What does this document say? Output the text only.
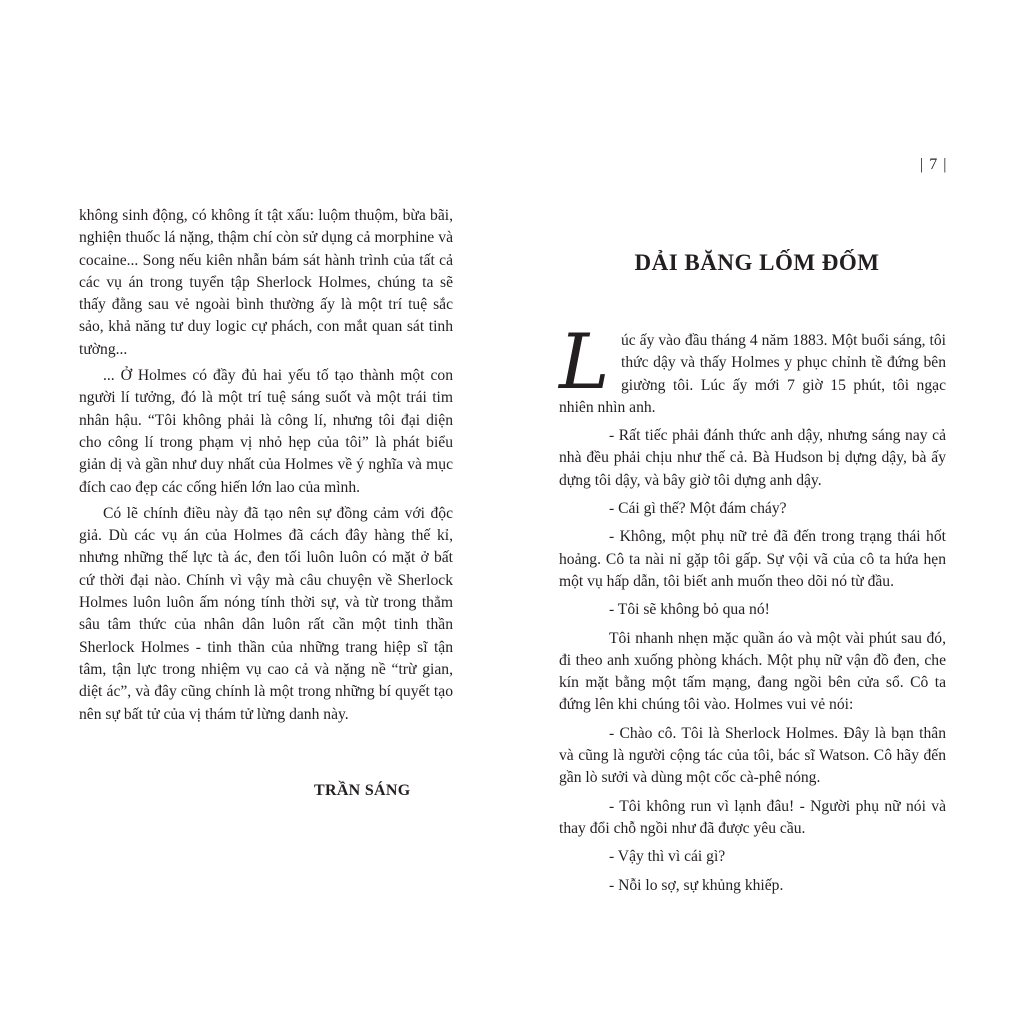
không sinh động, có không ít tật xấu: luộm thuộm, bừa bãi, nghiện thuốc lá nặng, thậm chí còn sử dụng cả morphine và cocaine... Song nếu kiên nhẫn bám sát hành trình của tất cả các vụ án trong tuyển tập Sherlock Holmes, chúng ta sẽ thấy đằng sau vẻ ngoài bình thường ấy là một trí tuệ sắc sảo, khả năng tư duy logic cự phách, con mắt quan sát tinh tường...

... Ở Holmes có đầy đủ hai yếu tố tạo thành một con người lí tưởng, đó là một trí tuệ sáng suốt và một trái tim nhân hậu. “Tôi không phải là công lí, nhưng tôi đại diện cho công lí trong phạm vị nhỏ hẹp của tôi” là phát biểu giản dị và gần như duy nhất của Holmes về ý nghĩa và mục đích cao đẹp các cống hiến lớn lao của mình.

Có lẽ chính điều này đã tạo nên sự đồng cảm với độc giả. Dù các vụ án của Holmes đã cách đây hàng thế kỉ, nhưng những thế lực tà ác, đen tối luôn luôn có mặt ở bất cứ thời đại nào. Chính vì vậy mà câu chuyện về Sherlock Holmes luôn luôn ấm nóng tính thời sự, và từ trong thẳm sâu tâm thức của nhân dân luôn rất cần một tinh thần Sherlock Holmes - tinh thần của những trang hiệp sĩ tận tâm, tận lực trong nhiệm vụ cao cả và nặng nề “trừ gian, diệt ác”, và đây cũng chính là một trong những bí quyết tạo nên sự bất tử của vị thám tử lừng danh này.

TRẦN SÁNG
| 7 |
DẢI BĂNG LỐM ĐỐM

Lúc ấy vào đầu tháng 4 năm 1883. Một buổi sáng, tôi thức dậy và thấy Holmes y phục chỉnh tề đứng bên giường tôi. Lúc ấy mới 7 giờ 15 phút, tôi ngạc nhiên nhìn anh.

- Rất tiếc phải đánh thức anh dậy, nhưng sáng nay cả nhà đều phải chịu như thế cả. Bà Hudson bị dựng dậy, bà ấy dựng tôi dậy, và bây giờ tôi dựng anh dậy.

- Cái gì thế? Một đám cháy?

- Không, một phụ nữ trẻ đã đến trong trạng thái hốt hoảng. Cô ta nài nỉ gặp tôi gấp. Sự vội vã của cô ta hứa hẹn một vụ hấp dẫn, tôi biết anh muốn theo dõi nó từ đầu.

- Tôi sẽ không bỏ qua nó!

Tôi nhanh nhẹn mặc quần áo và một vài phút sau đó, đi theo anh xuống phòng khách. Một phụ nữ vận đồ đen, che kín mặt bằng một tấm mạng, đang ngồi bên cửa sổ. Cô ta đứng lên khi chúng tôi vào. Holmes vui vẻ nói:

- Chào cô. Tôi là Sherlock Holmes. Đây là bạn thân và cũng là người cộng tác của tôi, bác sĩ Watson. Cô hãy đến gần lò sưởi và dùng một cốc cà-phê nóng.

- Tôi không run vì lạnh đâu! - Người phụ nữ nói và thay đổi chỗ ngồi như đã được yêu cầu.

- Vậy thì vì cái gì?

- Nỗi lo sợ, sự khủng khiếp.
